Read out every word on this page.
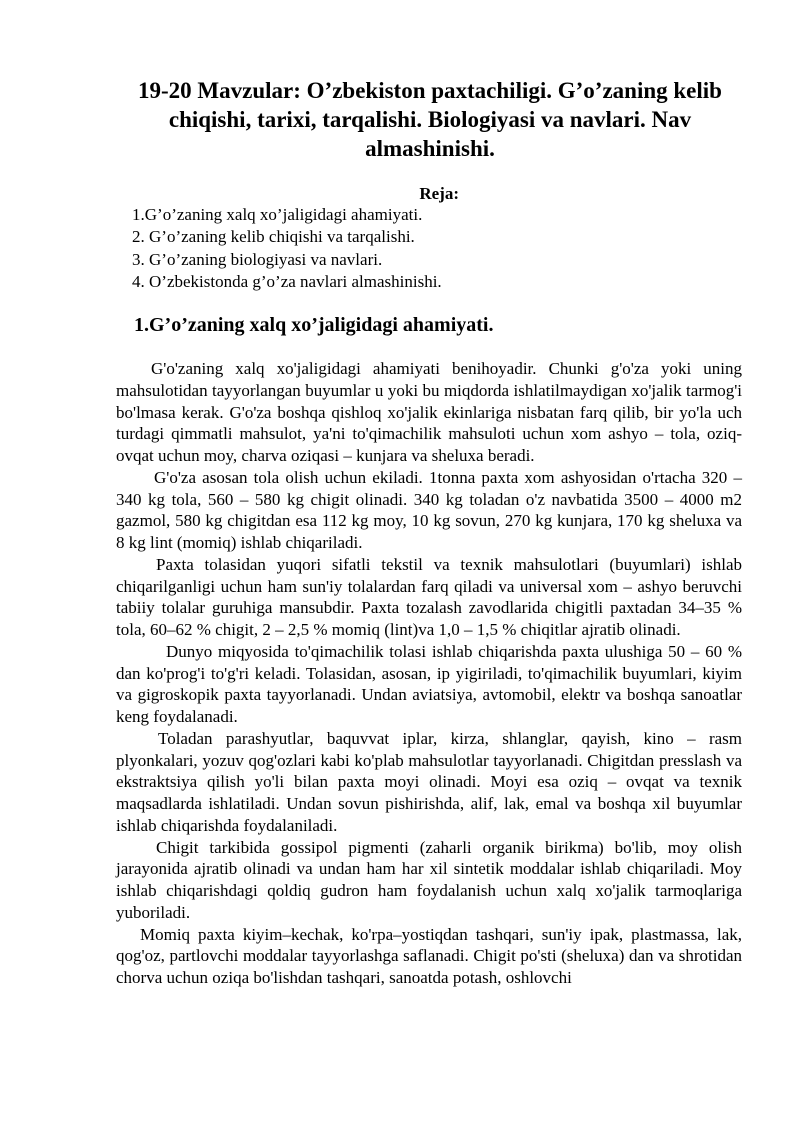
19-20 Mavzular: O’zbekiston paxtachiligi. G’o’zaning kelib chiqishi, tarixi, tarqalishi. Biologiyasi va navlari. Nav almashinishi.
Reja:
1.G’o’zaning xalq xo’jaligidagi ahamiyati.
2. G’o’zaning kelib chiqishi va tarqalishi.
3. G’o’zaning biologiyasi va navlari.
4. O’zbekistonda g’o’za navlari almashinishi.
1.G’o’zaning xalq xo’jaligidagi ahamiyati.

G'o'zaning xalq xo'jaligidagi ahamiyati benihoyadir. Chunki g'o'za yoki uning mahsulotidan tayyorlangan buyumlar u yoki bu miqdorda ishlatilmaydigan xo'jalik tarmog'i bo'lmasa kerak. G'o'za boshqa qishloq xo'jalik ekinlariga nisbatan farq qilib, bir yo'la uch turdagi qimmatli mahsulot, ya'ni to'qimachilik mahsuloti uchun xom ashyo – tola, oziq-ovqat uchun moy, charva oziqasi – kunjara va sheluxa beradi.

G'o'za asosan tola olish uchun ekiladi. 1tonna paxta xom ashyosidan o'rtacha 320 – 340 kg tola, 560 – 580 kg chigit olinadi. 340 kg toladan o'z navbatida 3500 – 4000 m2 gazmol, 580 kg chigitdan esa 112 kg moy, 10 kg sovun, 270 kg kunjara, 170 kg sheluxa va 8 kg lint (momiq) ishlab chiqariladi.

Paxta tolasidan yuqori sifatli tekstil va texnik mahsulotlari (buyumlari) ishlab chiqarilganligi uchun ham sun'iy tolalardan farq qiladi va universal xom – ashyo beruvchi tabiiy tolalar guruhiga mansubdir. Paxta tozalash zavodlarida chigitli paxtadan 34–35 % tola, 60–62 % chigit, 2 – 2,5 % momiq (lint)va 1,0 – 1,5 % chiqitlar ajratib olinadi.

Dunyo miqyosida to'qimachilik tolasi ishlab chiqarishda paxta ulushiga 50 – 60 % dan ko'prog'i to'g'ri keladi. Tolasidan, asosan, ip yigiriladi, to'qimachilik buyumlari, kiyim va gigroskopik paxta tayyorlanadi. Undan aviatsiya, avtomobil, elektr va boshqa sanoatlar keng foydalanadi.

Toladan parashyutlar, baquvvat iplar, kirza, shlanglar, qayish, kino – rasm plyonkalari, yozuv qog'ozlari kabi ko'plab mahsulotlar tayyorlanadi. Chigitdan presslash va ekstraktsiya qilish yo'li bilan paxta moyi olinadi. Moyi esa oziq – ovqat va texnik maqsadlarda ishlatiladi. Undan sovun pishirishda, alif, lak, emal va boshqa xil buyumlar ishlab chiqarishda foydalaniladi.

Chigit tarkibida gossipol pigmenti (zaharli organik birikma) bo'lib, moy olish jarayonida ajratib olinadi va undan ham har xil sintetik moddalar ishlab chiqariladi. Moy ishlab chiqarishdagi qoldiq gudron ham foydalanish uchun xalq xo'jalik tarmoqlariga yuboriladi.

Momiq paxta kiyim–kechak, ko'rpa–yostiqdan tashqari, sun'iy ipak, plastmassa, lak, qog'oz, partlovchi moddalar tayyorlashga saflanadi. Chigit po'sti (sheluxa) dan va shrotidan chorva uchun oziqa bo'lishdan tashqari, sanoatda potash, oshlovchi
